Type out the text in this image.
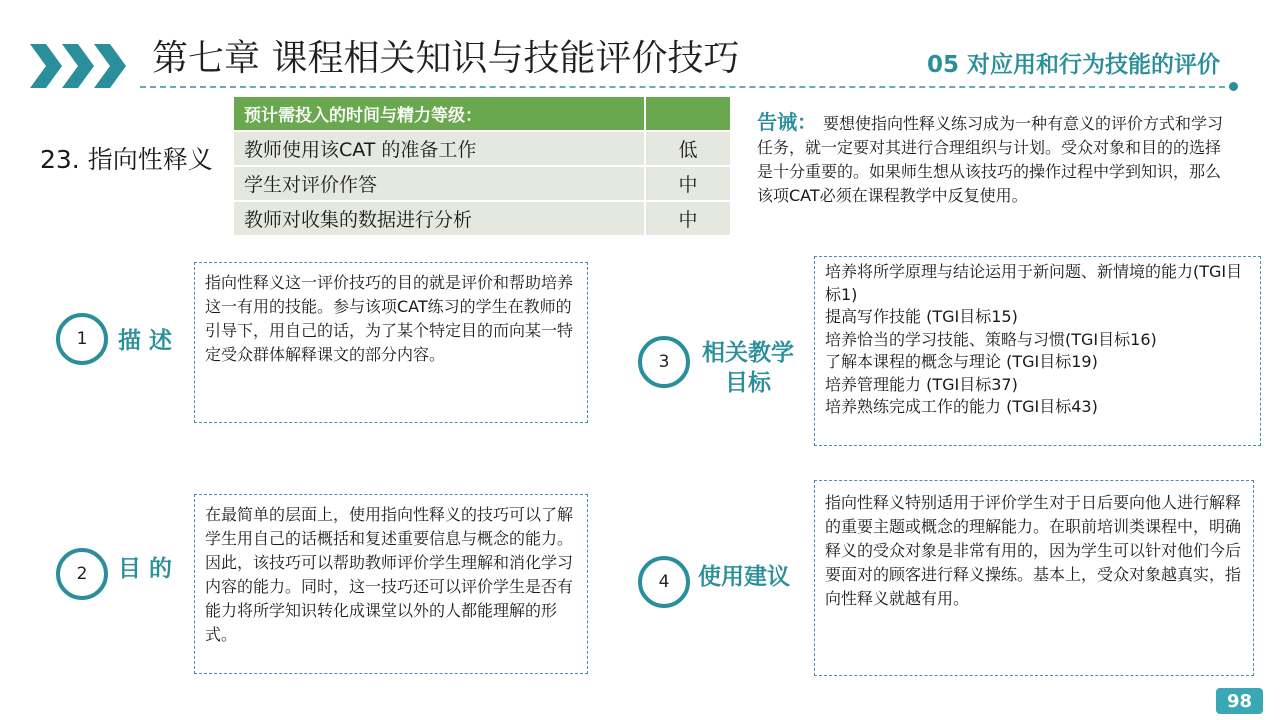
第七章 课程相关知识与技能评价技巧	05 对应用和行为技能的评价
23. 指向性释义
预计需投入的时间与精力等级：	
教师使用该CAT 的准备工作	低
学生对评价作答	中
教师对收集的数据进行分析	中
告诫： 要想使指向性释义练习成为一种有意义的评价方式和学习任务，就一定要对其进行合理组织与计划。受众对象和目的的选择是十分重要的。如果师生想从该技巧的操作过程中学到知识，那么该项CAT必须在课程教学中反复使用。
1	描 述
指向性释义这一评价技巧的目的就是评价和帮助培养这一有用的技能。参与该项CAT练习的学生在教师的引导下，用自己的话，为了某个特定目的而向某一特定受众群体解释课文的部分内容。
2	目 的
在最简单的层面上，使用指向性释义的技巧可以了解学生用自己的话概括和复述重要信息与概念的能力。因此，该技巧可以帮助教师评价学生理解和消化学习内容的能力。同时，这一技巧还可以评价学生是否有能力将所学知识转化成课堂以外的人都能理解的形式。
3	相关教学
目标
培养将所学原理与结论运用于新问题、新情境的能力(TGI目标1)
提高写作技能 (TGI目标15)
培养恰当的学习技能、策略与习惯(TGI目标16)
了解本课程的概念与理论 (TGI目标19)
培养管理能力 (TGI目标37)
培养熟练完成工作的能力 (TGI目标43)
4	使用建议
指向性释义特别适用于评价学生对于日后要向他人进行解释的重要主题或概念的理解能力。在职前培训类课程中，明确释义的受众对象是非常有用的，因为学生可以针对他们今后要面对的顾客进行释义操练。基本上，受众对象越真实，指向性释义就越有用。
98
